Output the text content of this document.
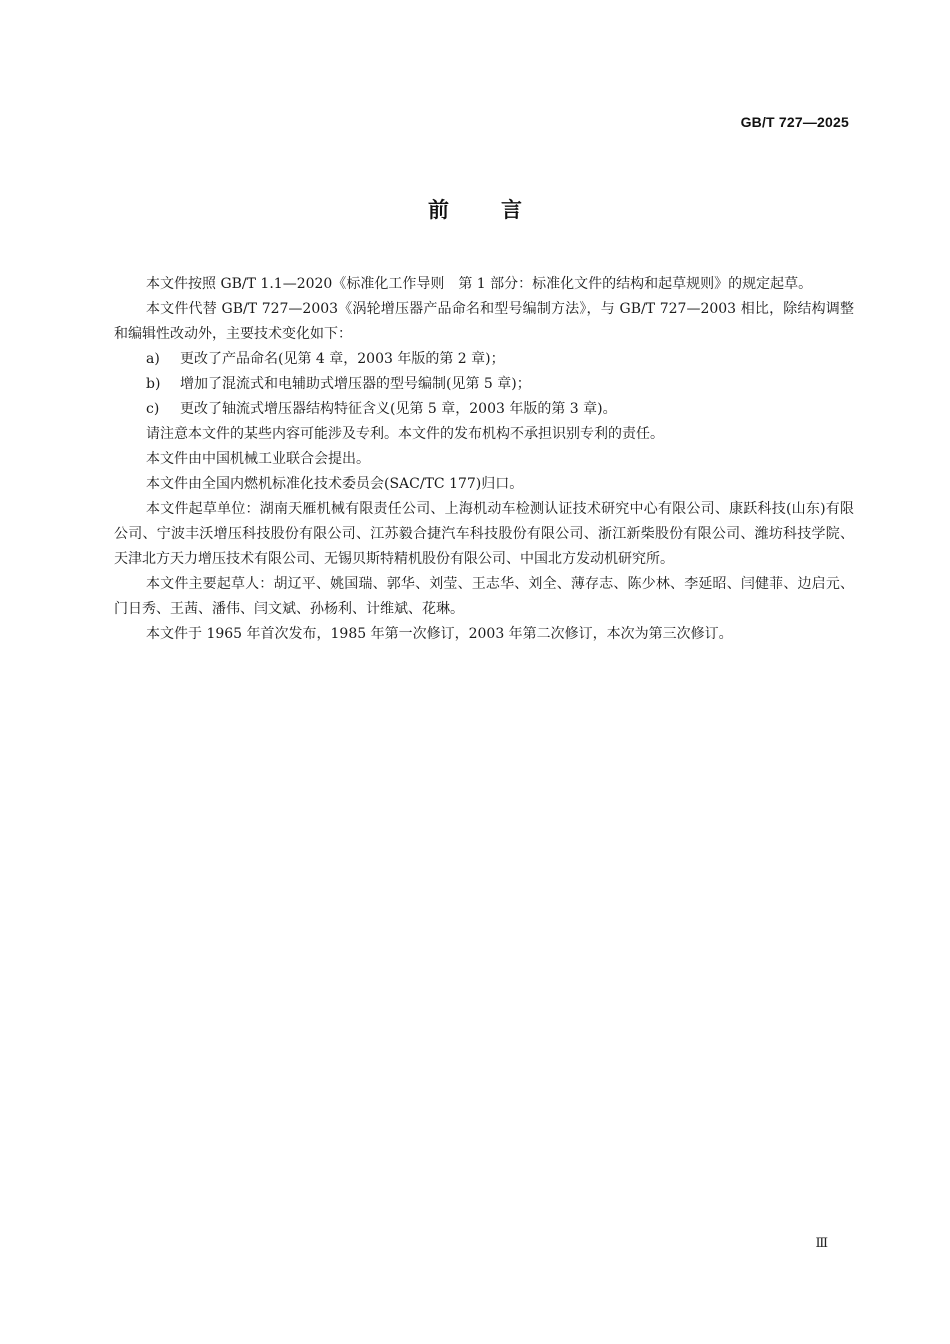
GB/T 727—2025
前言

本文件按照 GB/T 1.1—2020《标准化工作导则　第 1 部分：标准化文件的结构和起草规则》的规定起草。

本文件代替 GB/T 727—2003《涡轮增压器产品命名和型号编制方法》，与 GB/T 727—2003 相比，除结构调整和编辑性改动外，主要技术变化如下：

a)	更改了产品命名(见第 4 章，2003 年版的第 2 章)；
b)	增加了混流式和电辅助式增压器的型号编制(见第 5 章)；
c)	更改了轴流式增压器结构特征含义(见第 5 章，2003 年版的第 3 章)。

请注意本文件的某些内容可能涉及专利。本文件的发布机构不承担识别专利的责任。

本文件由中国机械工业联合会提出。

本文件由全国内燃机标准化技术委员会(SAC/TC 177)归口。

本文件起草单位：湖南天雁机械有限责任公司、上海机动车检测认证技术研究中心有限公司、康跃科技(山东)有限公司、宁波丰沃增压科技股份有限公司、江苏毅合捷汽车科技股份有限公司、浙江新柴股份有限公司、潍坊科技学院、天津北方天力增压技术有限公司、无锡贝斯特精机股份有限公司、中国北方发动机研究所。

本文件主要起草人：胡辽平、姚国瑞、郭华、刘莹、王志华、刘全、薄存志、陈少林、李延昭、闫健菲、边启元、门日秀、王茜、潘伟、闫文斌、孙杨利、计维斌、花琳。

本文件于 1965 年首次发布，1985 年第一次修订，2003 年第二次修订，本次为第三次修订。

Ⅲ
